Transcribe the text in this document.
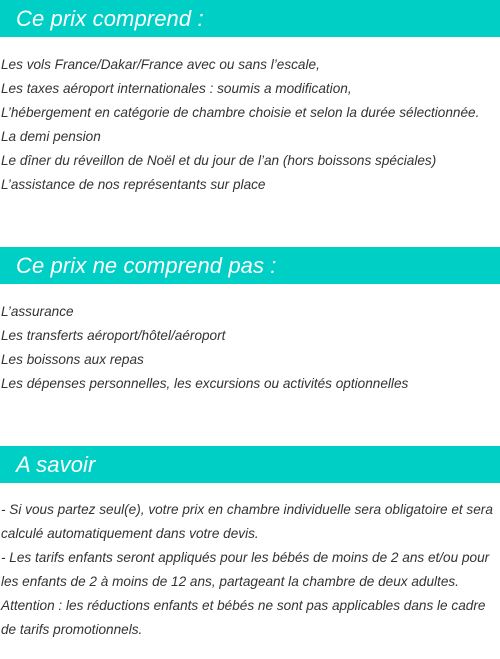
Ce prix comprend :
Les vols France/Dakar/France avec ou sans l’escale,
Les taxes aéroport internationales : soumis a modification,
L’hébergement en catégorie de chambre choisie et selon la durée sélectionnée.
La demi pension
Le dîner du réveillon de Noël et du jour de l’an (hors boissons spéciales)
L’assistance de nos représentants sur place
Ce prix ne comprend pas :
L’assurance
Les transferts aéroport/hôtel/aéroport
Les boissons aux repas
Les dépenses personnelles, les excursions ou activités optionnelles
A savoir

- Si vous partez seul(e), votre prix en chambre individuelle sera obligatoire et sera calculé automatiquement dans votre devis.

- Les tarifs enfants seront appliqués pour les bébés de moins de 2 ans et/ou pour les enfants de 2 à moins de 12 ans, partageant la chambre de deux adultes.

Attention : les réductions enfants et bébés ne sont pas applicables dans le cadre de tarifs promotionnels.
